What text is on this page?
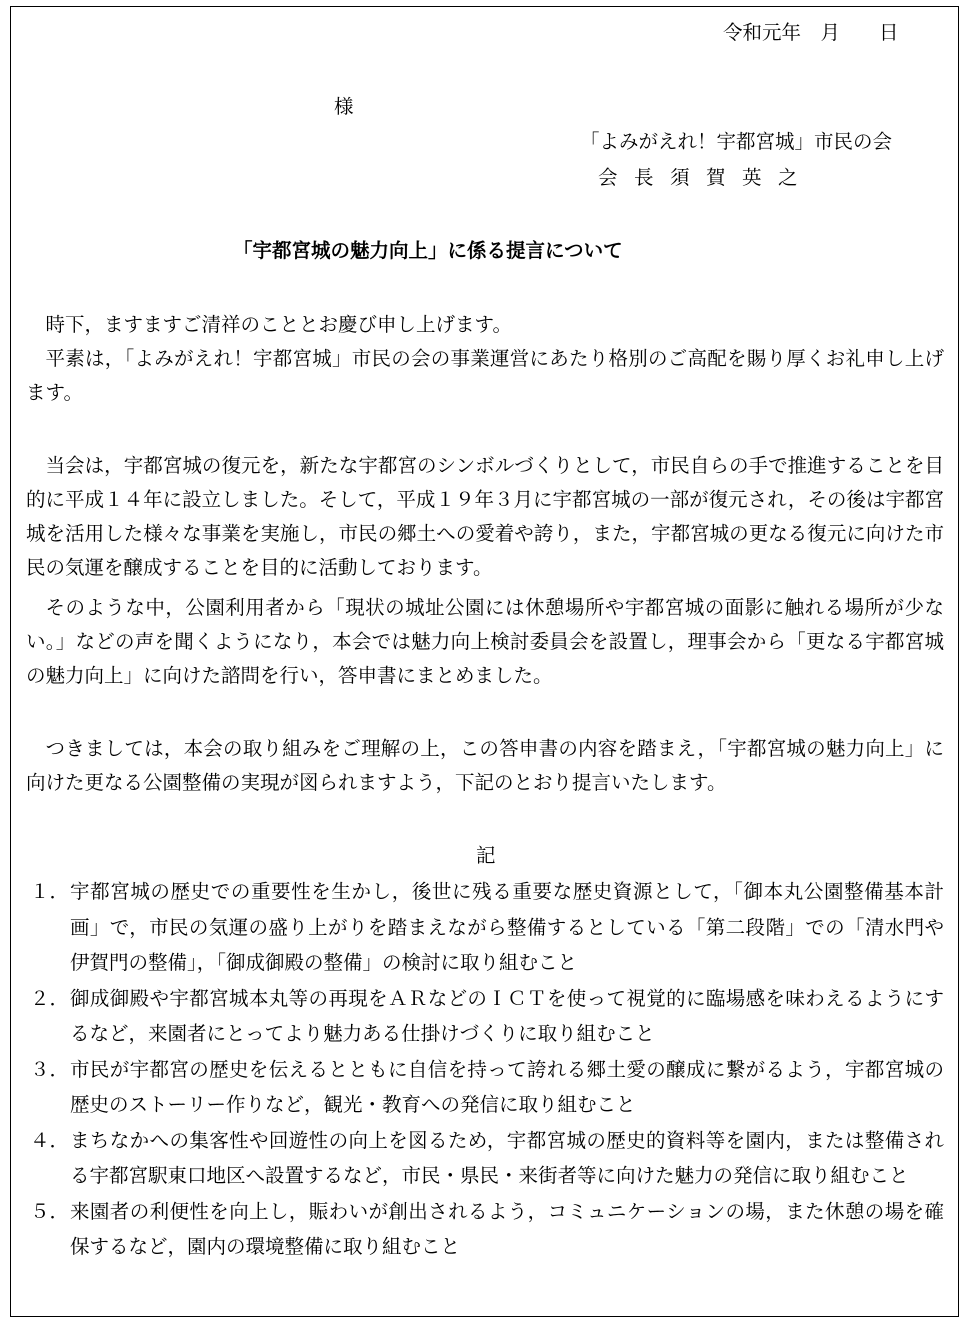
令和元年　月　　日
様
「よみがえれ！宇都宮城」市民の会
会長須賀英之
「宇都宮城の魅力向上」に係る提言について
時下，ますますご清祥のこととお慶び申し上げます。
平素は，「よみがえれ！宇都宮城」市民の会の事業運営にあたり格別のご高配を賜り厚くお礼申し上げます。
当会は，宇都宮城の復元を，新たな宇都宮のシンボルづくりとして，市民自らの手で推進することを目的に平成１４年に設立しました。そして，平成１９年３月に宇都宮城の一部が復元され，その後は宇都宮城を活用した様々な事業を実施し，市民の郷土への愛着や誇り，また，宇都宮城の更なる復元に向けた市民の気運を醸成することを目的に活動しております。
そのような中，公園利用者から「現状の城址公園には休憩場所や宇都宮城の面影に触れる場所が少ない。」などの声を聞くようになり，本会では魅力向上検討委員会を設置し，理事会から「更なる宇都宮城の魅力向上」に向けた諮問を行い，答申書にまとめました。
つきましては，本会の取り組みをご理解の上，この答申書の内容を踏まえ，「宇都宮城の魅力向上」に向けた更なる公園整備の実現が図られますよう，下記のとおり提言いたします。
記
１． 宇都宮城の歴史での重要性を生かし，後世に残る重要な歴史資源として，「御本丸公園整備基本計画」で，市民の気運の盛り上がりを踏まえながら整備するとしている「第二段階」での「清水門や伊賀門の整備」，「御成御殿の整備」の検討に取り組むこと
２． 御成御殿や宇都宮城本丸等の再現をＡＲなどのＩＣＴを使って視覚的に臨場感を味わえるようにするなど，来園者にとってより魅力ある仕掛けづくりに取り組むこと
３． 市民が宇都宮の歴史を伝えるとともに自信を持って誇れる郷土愛の醸成に繋がるよう，宇都宮城の歴史のストーリー作りなど，観光・教育への発信に取り組むこと
４． まちなかへの集客性や回遊性の向上を図るため，宇都宮城の歴史的資料等を園内，または整備される宇都宮駅東口地区へ設置するなど，市民・県民・来街者等に向けた魅力の発信に取り組むこと
５． 来園者の利便性を向上し，賑わいが創出されるよう，コミュニケーションの場，また休憩の場を確保するなど，園内の環境整備に取り組むこと
